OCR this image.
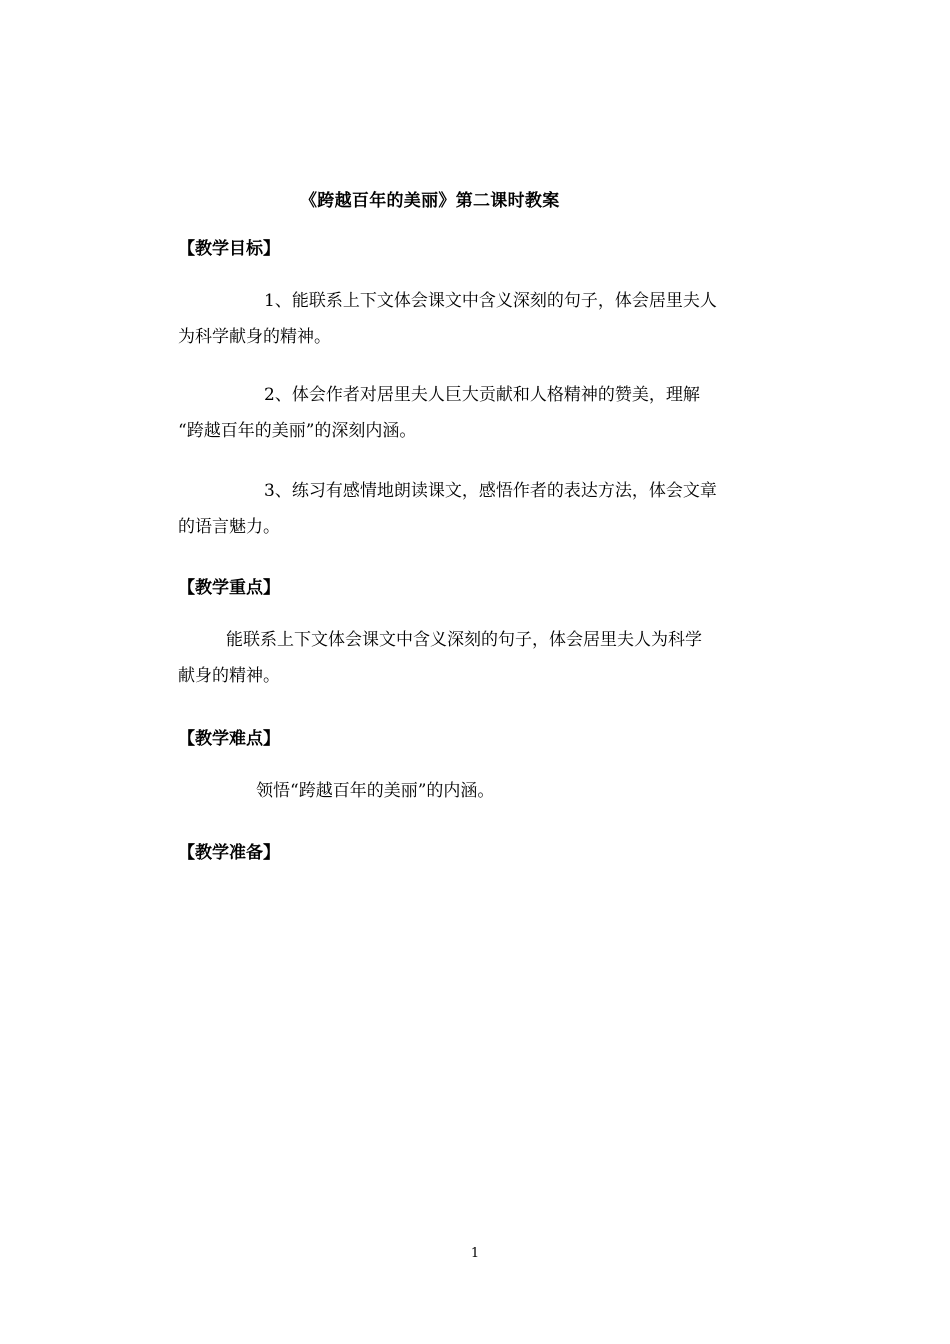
《跨越百年的美丽》第二课时教案
【教学目标】
1、能联系上下文体会课文中含义深刻的句子，体会居里夫人
为科学献身的精神。
2、体会作者对居里夫人巨大贡献和人格精神的赞美，理解
“跨越百年的美丽”的深刻内涵。
3、练习有感情地朗读课文，感悟作者的表达方法，体会文章
的语言魅力。
【教学重点】
能联系上下文体会课文中含义深刻的句子，体会居里夫人为科学
献身的精神。
【教学难点】
领悟“跨越百年的美丽”的内涵。
【教学准备】
1
